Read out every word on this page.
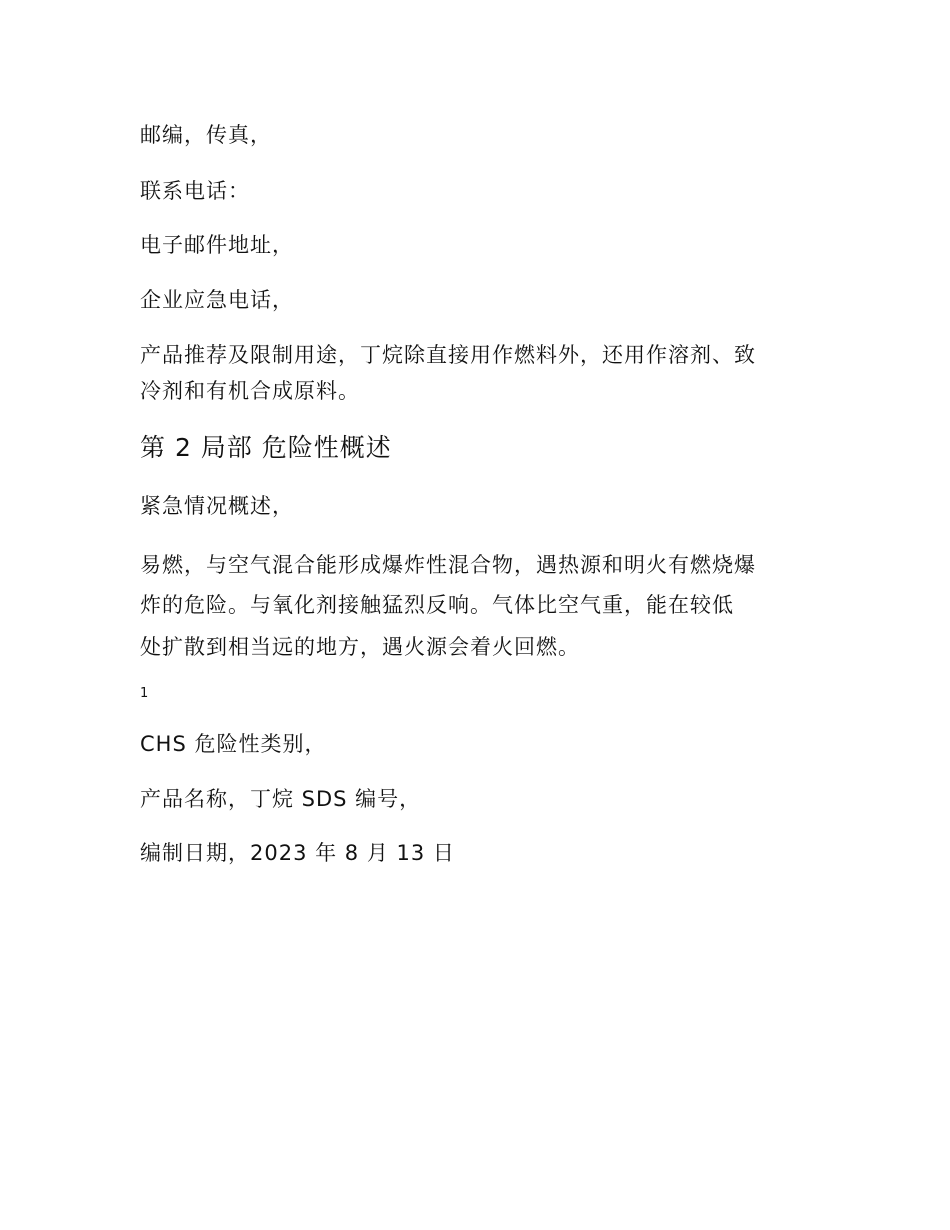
邮编，传真，
联系电话：
电子邮件地址，
企业应急电话，
产品推荐及限制用途，丁烷除直接用作燃料外，还用作溶剂、致
冷剂和有机合成原料。
第 2 局部 危险性概述
紧急情况概述，
易燃，与空气混合能形成爆炸性混合物，遇热源和明火有燃烧爆
炸的危险。与氧化剂接触猛烈反响。气体比空气重，能在较低
处扩散到相当远的地方，遇火源会着火回燃。
1
CHS 危险性类别，
产品名称，丁烷 SDS 编号，
编制日期，2023 年 8 月 13 日
